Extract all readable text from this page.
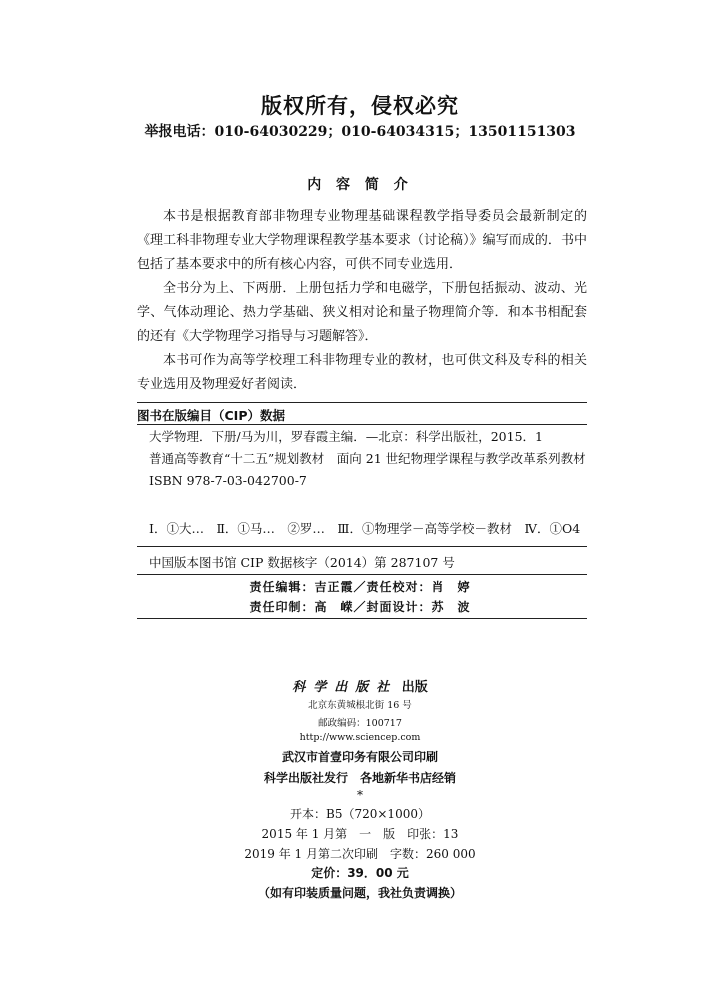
版权所有，侵权必究
举报电话：010-64030229；010-64034315；13501151303
内 容 简 介

本书是根据教育部非物理专业物理基础课程教学指导委员会最新制定的《理工科非物理专业大学物理课程教学基本要求（讨论稿）》编写而成的．书中包括了基本要求中的所有核心内容，可供不同专业选用．

全书分为上、下两册．上册包括力学和电磁学，下册包括振动、波动、光学、气体动理论、热力学基础、狭义相对论和量子物理简介等．和本书相配套的还有《大学物理学习指导与习题解答》．

本书可作为高等学校理工科非物理专业的教材，也可供文科及专科的相关专业选用及物理爱好者阅读．

图书在版编目（CIP）数据
大学物理．下册/马为川，罗春霞主编．—北京：科学出版社，2015．1
普通高等教育“十二五”规划教材　面向 21 世纪物理学课程与教学改革系列教材
ISBN 978-7-03-042700-7
Ⅰ．①大…　Ⅱ．①马…　②罗…　Ⅲ．①物理学－高等学校－教材　Ⅳ．①O4
中国版本图书馆 CIP 数据核字（2014）第 287107 号
责任编辑：吉正霞／责任校对：肖　婷
责任印制：高　嵘／封面设计：苏　波
科学出版社 出版
北京东黄城根北街 16 号
邮政编码：100717
http://www.sciencep.com
武汉市首壹印务有限公司印刷
科学出版社发行　各地新华书店经销
*
开本：B5（720×1000）
2015 年 1 月第　一　版　印张：13
2019 年 1 月第二次印刷　字数：260 000
定价：39．00 元
（如有印装质量问题，我社负责调换）
